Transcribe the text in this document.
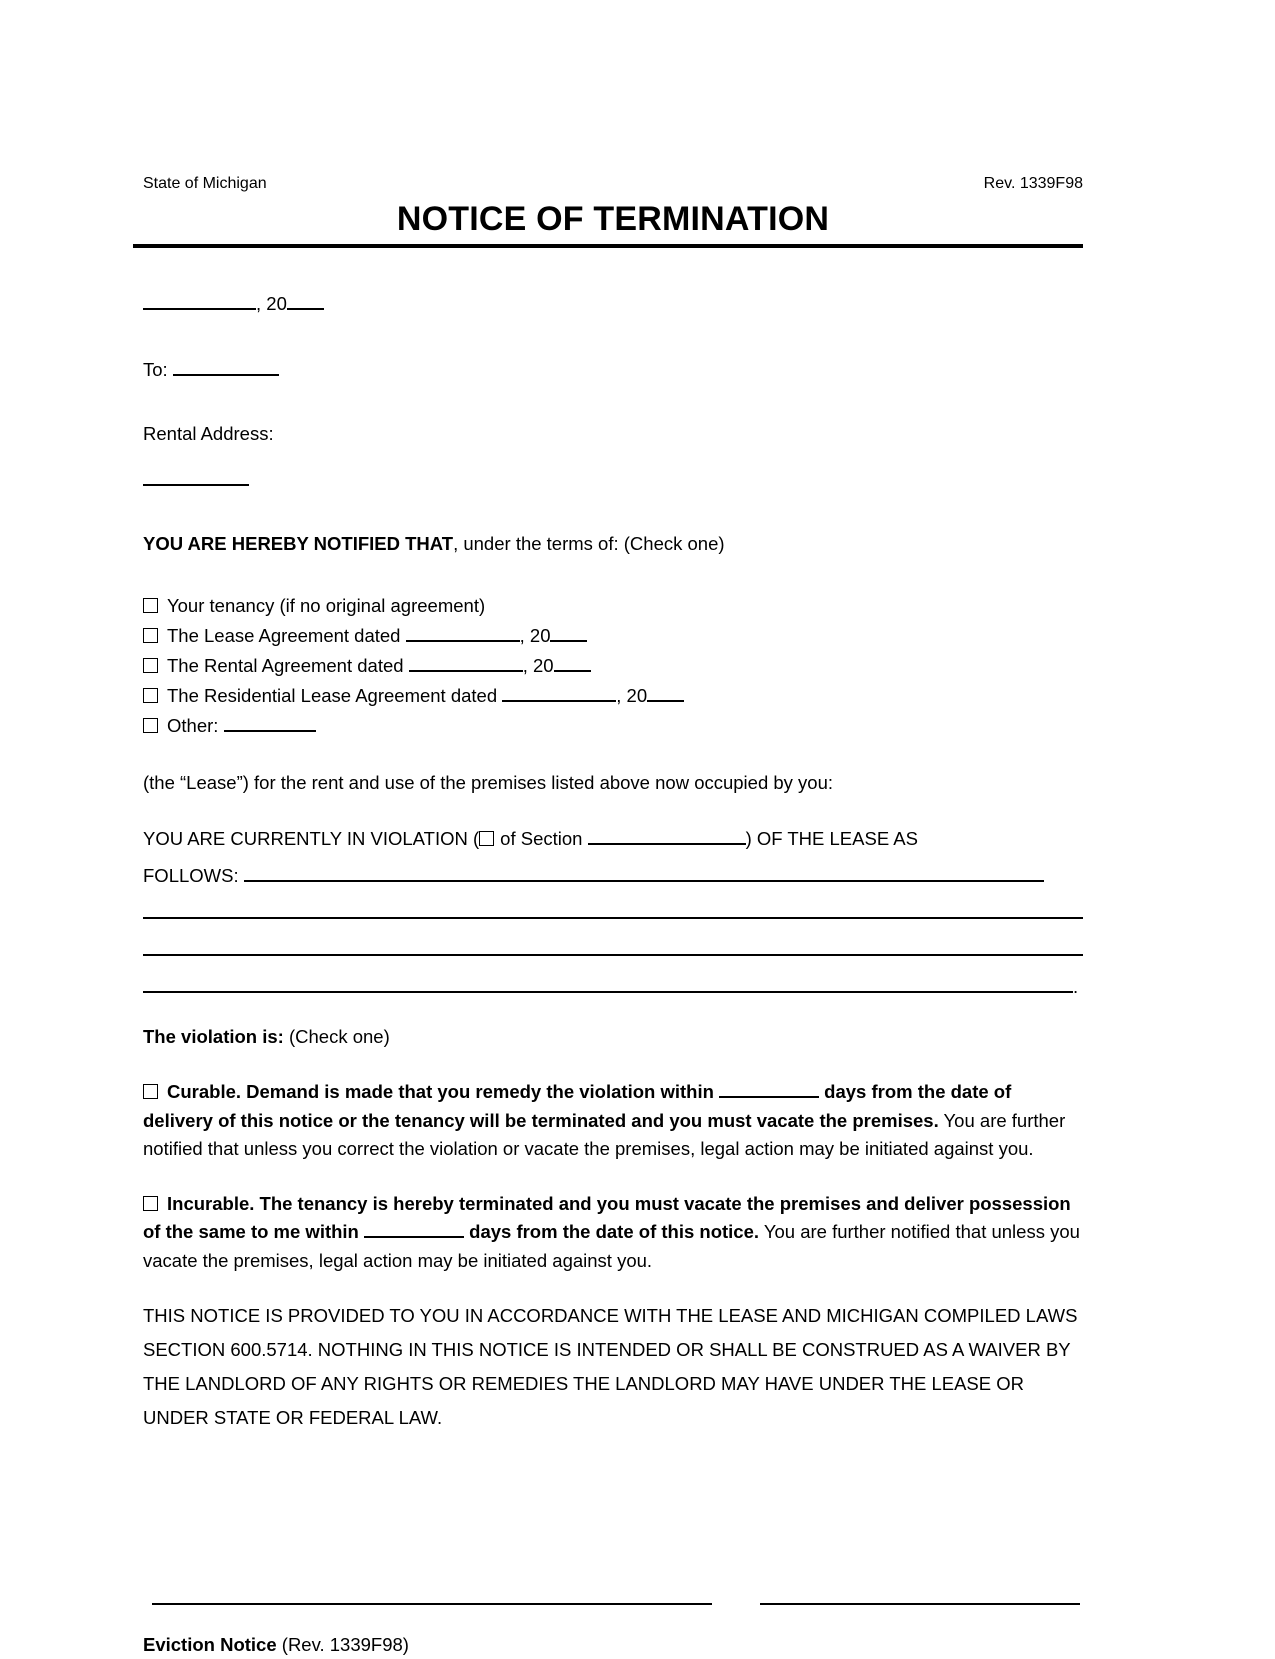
State of Michigan	Rev. 1339F98
NOTICE OF TERMINATION
, 20
To:
Rental Address:
YOU ARE HEREBY NOTIFIED THAT, under the terms of: (Check one)
Your tenancy (if no original agreement)
The Lease Agreement dated	, 20
The Rental Agreement dated	, 20
The Residential Lease Agreement dated	, 20
Other:
(the “Lease”) for the rent and use of the premises listed above now occupied by you:
YOU ARE CURRENTLY IN VIOLATION ( of Section	) OF THE LEASE AS
FOLLOWS:
.
The violation is: (Check one)
Curable. Demand is made that you remedy the violation within	days from the date of delivery of this notice or the tenancy will be terminated and you must vacate the premises. You are further notified that unless you correct the violation or vacate the premises, legal action may be initiated against you.
Incurable. The tenancy is hereby terminated and you must vacate the premises and deliver possession of the same to me within	days from the date of this notice. You are further notified that unless you vacate the premises, legal action may be initiated against you.
THIS NOTICE IS PROVIDED TO YOU IN ACCORDANCE WITH THE LEASE AND MICHIGAN COMPILED LAWS SECTION 600.5714. NOTHING IN THIS NOTICE IS INTENDED OR SHALL BE CONSTRUED AS A WAIVER BY THE LANDLORD OF ANY RIGHTS OR REMEDIES THE LANDLORD MAY HAVE UNDER THE LEASE OR UNDER STATE OR FEDERAL LAW.
Eviction Notice (Rev. 1339F98)
